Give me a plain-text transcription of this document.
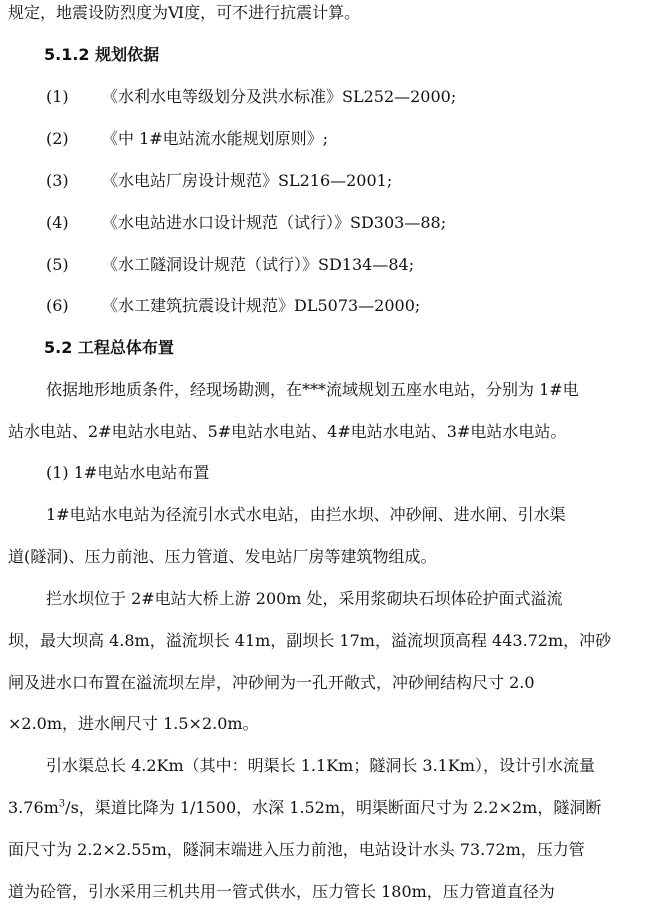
规定，地震设防烈度为Ⅵ度，可不进行抗震计算。
5.1.2 规划依据
(1) 《水利水电等级划分及洪水标准》SL252—2000;
(2) 《中 1#电站流水能规划原则》;
(3) 《水电站厂房设计规范》SL216—2001;
(4) 《水电站进水口设计规范（试行）》SD303—88;
(5) 《水工隧洞设计规范（试行）》SD134—84;
(6) 《水工建筑抗震设计规范》DL5073—2000;
5.2 工程总体布置
依据地形地质条件，经现场勘测，在***流域规划五座水电站，分别为 1#电
站水电站、2#电站水电站、5#电站水电站、4#电站水电站、3#电站水电站。
(1) 1#电站水电站布置
1#电站水电站为径流引水式水电站，由拦水坝、冲砂闸、进水闸、引水渠
道(隧洞)、压力前池、压力管道、发电站厂房等建筑物组成。
拦水坝位于 2#电站大桥上游 200m 处，采用浆砌块石坝体砼护面式溢流
坝，最大坝高 4.8m，溢流坝长 41m，副坝长 17m，溢流坝顶高程 443.72m，冲砂
闸及进水口布置在溢流坝左岸，冲砂闸为一孔开敞式，冲砂闸结构尺寸 2.0
×2.0m，进水闸尺寸 1.5×2.0m。
引水渠总长 4.2Km（其中：明渠长 1.1Km；隧洞长 3.1Km），设计引水流量
$3.76m^3/s$，渠道比降为 1/1500，水深 1.52m，明渠断面尺寸为 2.2×2m，隧洞断
面尺寸为 2.2×2.55m，隧洞末端进入压力前池，电站设计水头 73.72m，压力管
道为砼管，引水采用三机共用一管式供水，压力管长 180m，压力管道直径为
